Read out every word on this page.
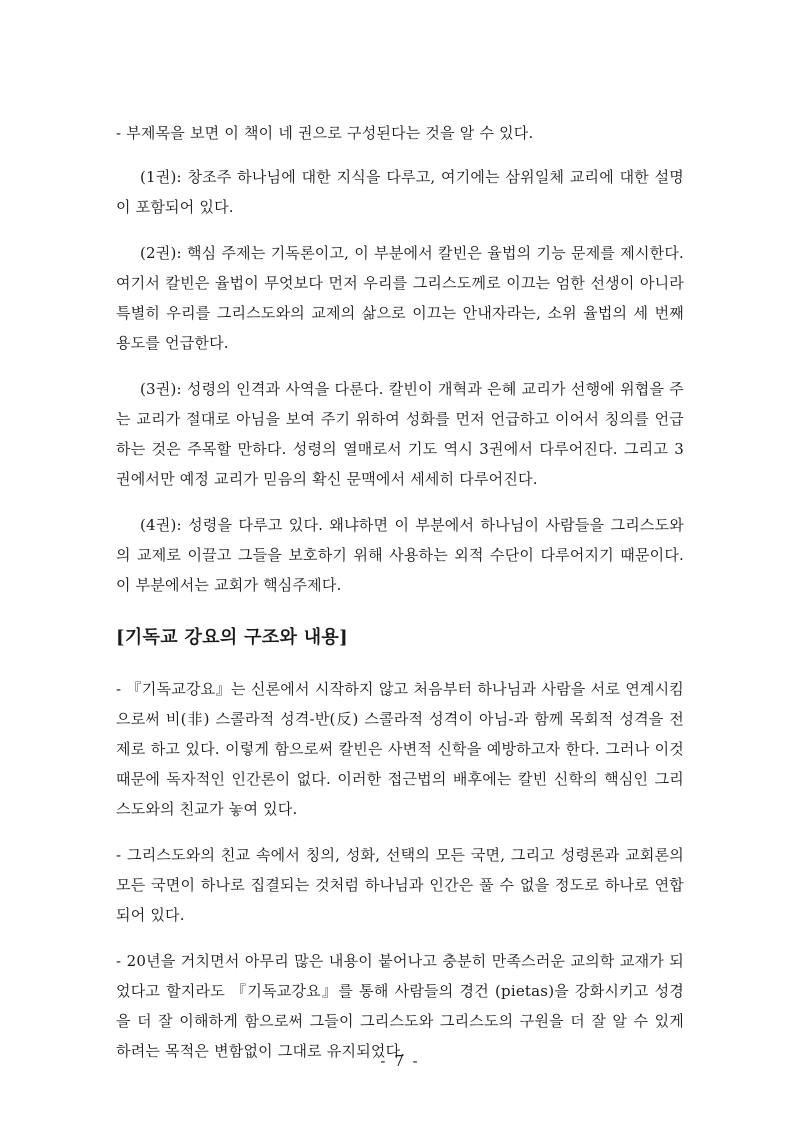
- 부제목을 보면 이 책이 네 권으로 구성된다는 것을 알 수 있다.

(1권): 창조주 하나님에 대한 지식을 다루고, 여기에는 삼위일체 교리에 대한 설명이 포함되어 있다.

(2권): 핵심 주제는 기독론이고, 이 부분에서 칼빈은 율법의 기능 문제를 제시한다. 여기서 칼빈은 율법이 무엇보다 먼저 우리를 그리스도께로 이끄는 엄한 선생이 아니라 특별히 우리를 그리스도와의 교제의 삶으로 이끄는 안내자라는, 소위 율법의 세 번째 용도를 언급한다.

(3권): 성령의 인격과 사역을 다룬다. 칼빈이 개혁과 은혜 교리가 선행에 위협을 주는 교리가 절대로 아님을 보여 주기 위하여 성화를 먼저 언급하고 이어서 칭의를 언급하는 것은 주목할 만하다. 성령의 열매로서 기도 역시 3권에서 다루어진다. 그리고 3권에서만 예정 교리가 믿음의 확신 문맥에서 세세히 다루어진다.

(4권): 성령을 다루고 있다. 왜냐하면 이 부분에서 하나님이 사람들을 그리스도와의 교제로 이끌고 그들을 보호하기 위해 사용하는 외적 수단이 다루어지기 때문이다. 이 부분에서는 교회가 핵심주제다.

[기독교 강요의 구조와 내용]

- 『기독교강요』는 신론에서 시작하지 않고 처음부터 하나님과 사람을 서로 연계시킴으로써 비(非) 스콜라적 성격-반(反) 스콜라적 성격이 아님-과 함께 목회적 성격을 전제로 하고 있다. 이렇게 함으로써 칼빈은 사변적 신학을 예방하고자 한다. 그러나 이것 때문에 독자적인 인간론이 없다. 이러한 접근법의 배후에는 칼빈 신학의 핵심인 그리스도와의 친교가 놓여 있다.

- 그리스도와의 친교 속에서 칭의, 성화, 선택의 모든 국면, 그리고 성령론과 교회론의 모든 국면이 하나로 집결되는 것처럼 하나님과 인간은 풀 수 없을 정도로 하나로 연합되어 있다.

- 20년을 거치면서 아무리 많은 내용이 붙어나고 충분히 만족스러운 교의학 교재가 되었다고 할지라도 『기독교강요』를 통해 사람들의 경건 (pietas)을 강화시키고 성경을 더 잘 이해하게 함으로써 그들이 그리스도와 그리스도의 구원을 더 잘 알 수 있게 하려는 목적은 변함없이 그대로 유지되었다.

- 7 -
